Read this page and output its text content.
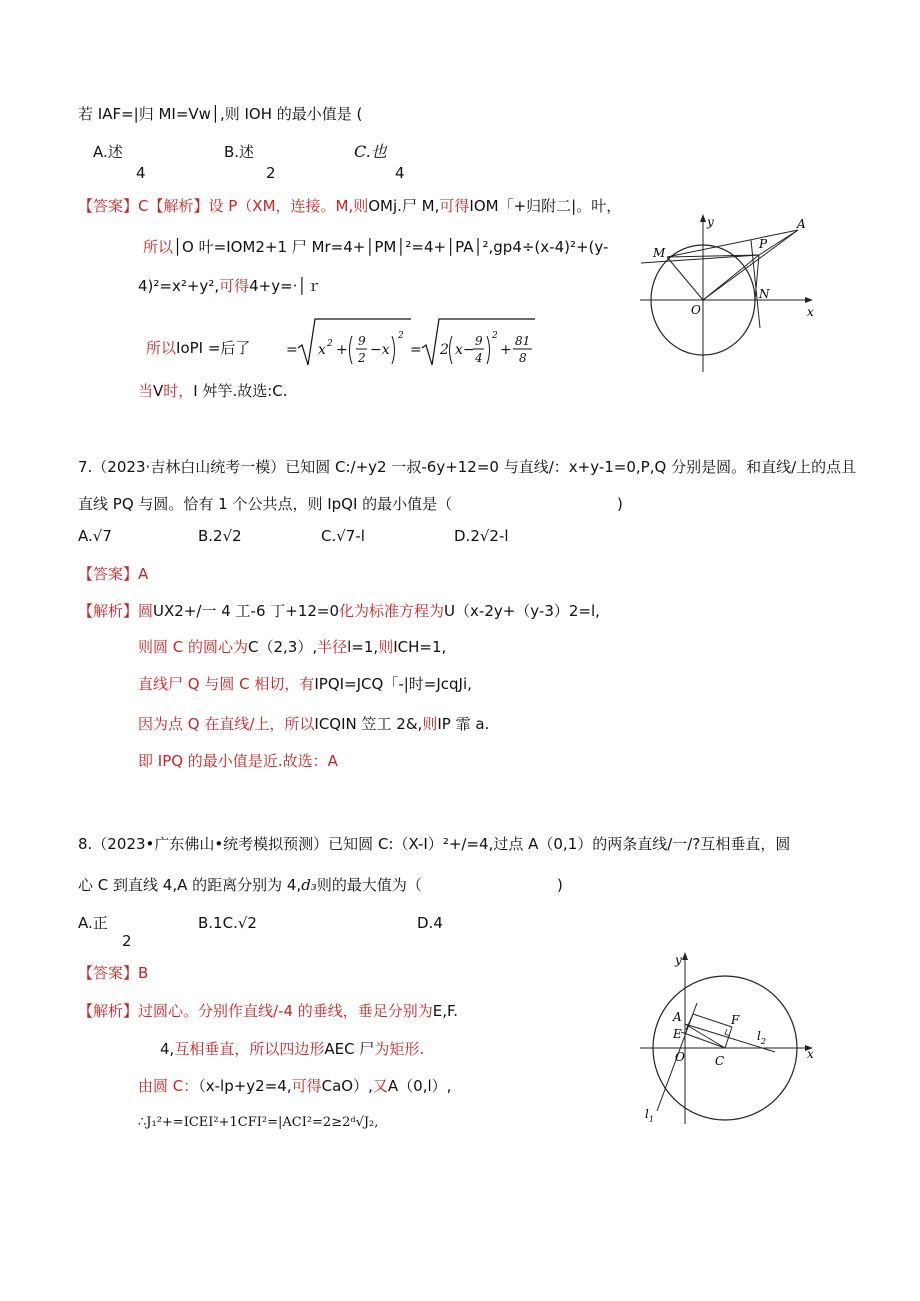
若 IAF=|归 MI=Vw│,则 IOH 的最小值是 (
A.述
4
B.述
2
C.也
4
【答案】C【解析】设 P（XM，连接。M,则OMj.尸 M,可得IOM「+归附二|。叶，
所以│O 叶=IOM2+1 尸 Mr=4+│PM│²=4+│PA│²,gp4÷(x-4)²+(y-
4)²=x²+y²,可得4+y=·│ｒ
所以IoPI =后了	= x 2 +
9
2 −x
2
= 2 x−
9
4
2
+
81
8
当V时，I 舛竽.故选:C.
y
x
M
P
A
O
N
7.（2023·吉林白山统考一模）已知圆 C:/+y2 一叔-6y+12=0 与直线/：x+y-1=0,P,Q 分别是圆。和直线/上的点且
直线 PQ 与圆。恰有 1 个公共点，则 IpQI 的最小值是（	)
A.√7	B.2√2	C.√7-l	D.2√2-l
【答案】A
【解析】圆UX2+/一 4 工-6 丁+12=0化为标准方程为U（x-2y+（y-3）2=l,
则圆 C 的圆心为C（2,3）,半径l=1,则ICH=1,
直线尸 Q 与圆 C 相切，有IPQI=JCQ「-|时=JcqJi,
因为点 Q 在直线/上，所以ICQIN 笠工 2&,则IP 霏 a.
即 IPQ 的最小值是近.故选：A
8.（2023•广东佛山•统考模拟预测）已知圆 C:（X-I）²+/=4,过点 A（0,1）的两条直线/一/?互相垂直，圆
心 C 到直线 4,A 的距离分别为 4,d₃则的最大值为（	)
A.正
2
B.1C.√2	D.4
【答案】B
【解析】过圆心。分别作直线/-4 的垂线，垂足分别为E,F.
4,互相垂直，所以四边形AEC 尸为矩形.
由圆 C：（x-lp+y2=4,可得CaO）,又A（0,l）,
∴J₁²+=ICEI²+1CFI²=|ACI²=2≥2ᵈ√J₂,
y
x
A
E
F
O	C
$l_1$
$l_2$
